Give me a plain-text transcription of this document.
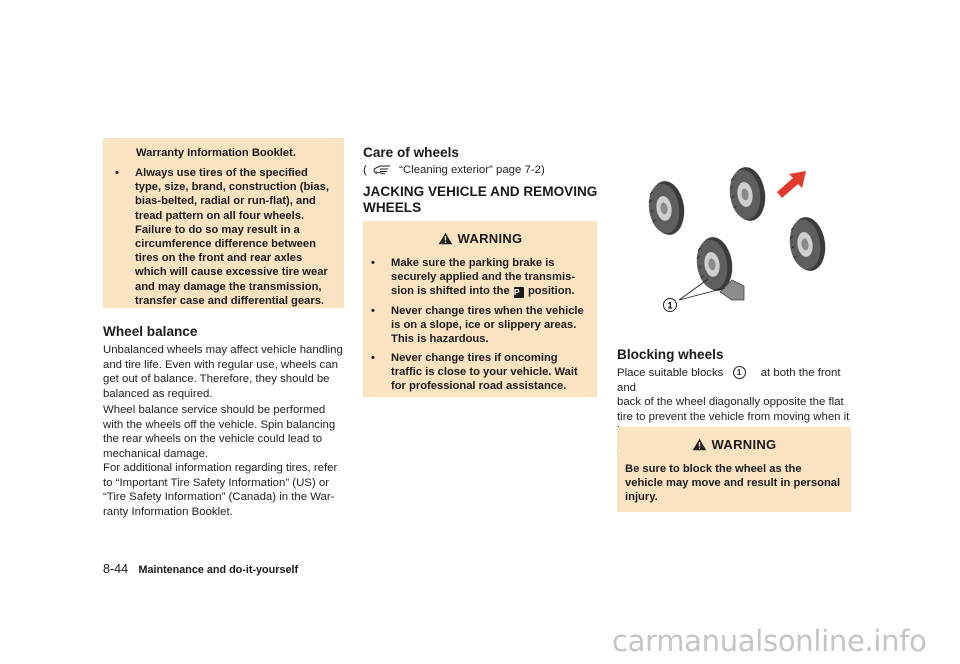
Warranty Information Booklet.
• Always use tires of the specified
type, size, brand, construction (bias,
bias-belted, radial or run-flat), and
tread pattern on all four wheels.
Failure to do so may result in a
circumference difference between
tires on the front and rear axles
which will cause excessive tire wear
and may damage the transmission,
transfer case and differential gears.
Wheel balance
Unbalanced wheels may affect vehicle handling
and tire life. Even with regular use, wheels can
get out of balance. Therefore, they should be
balanced as required.
Wheel balance service should be performed
with the wheels off the vehicle. Spin balancing
the rear wheels on the vehicle could lead to
mechanical damage.
For additional information regarding tires, refer
to “Important Tire Safety Information” (US) or
“Tire Safety Information” (Canada) in the War-
ranty Information Booklet.
Care of wheels
(	“Cleaning exterior” page 7-2)
JACKING VEHICLE AND REMOVING
WHEELS
WARNING
• Make sure the parking brake is
securely applied and the transmis-
sion is shifted into the P position.
• Never change tires when the vehicle
is on a slope, ice or slippery areas.
This is hazardous.
• Never change tires if oncoming
traffic is close to your vehicle. Wait
for professional road assistance.
1
Blocking wheels
Place suitable blocks 1 at both the front and
back of the wheel diagonally opposite the flat
tire to prevent the vehicle from moving when it
WARNING
Be sure to block the wheel as the
vehicle may move and result in personal
injury.
8-44 Maintenance and do-it-yourself
carmanualsonline.info
